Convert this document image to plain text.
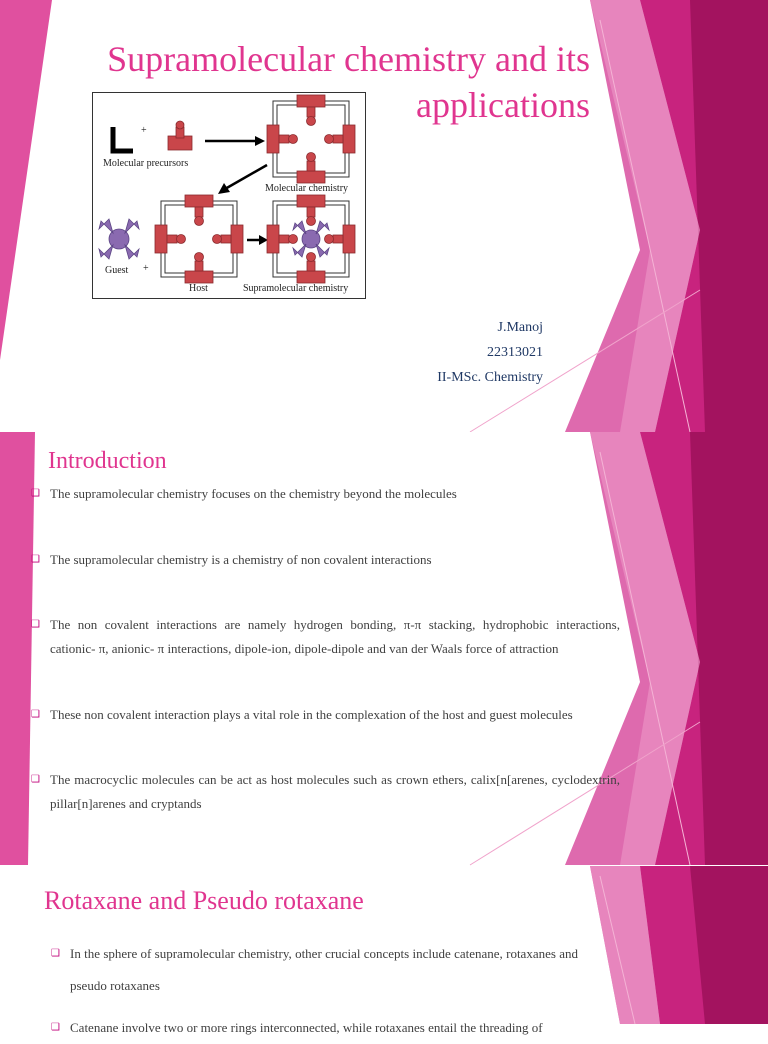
Supramolecular chemistry and its applications
+
Molecular precursors
Molecular chemistry
+
Guest
Host	Supramolecular chemistry
J.Manoj
22313021
II-MSc. Chemistry
Introduction
❑ The supramolecular chemistry focuses on the chemistry beyond the molecules
❑ The supramolecular chemistry is a chemistry of non covalent interactions
❑ The non covalent interactions are namely hydrogen bonding, π-π stacking, hydrophobic interactions, cationic- π, anionic- π interactions, dipole-ion, dipole-dipole and van der Waals force of attraction
❑ These non covalent interaction plays a vital role in the complexation of the host and guest molecules
❑ The macrocyclic molecules can be act as host molecules such as crown ethers, calix[n[arenes, cyclodextrin, pillar[n]arenes and cryptands
Rotaxane and Pseudo rotaxane
❑ In the sphere of supramolecular chemistry, other crucial concepts include catenane, rotaxanes and pseudo rotaxanes
❑ Catenane involve two or more rings interconnected, while rotaxanes entail the threading of
